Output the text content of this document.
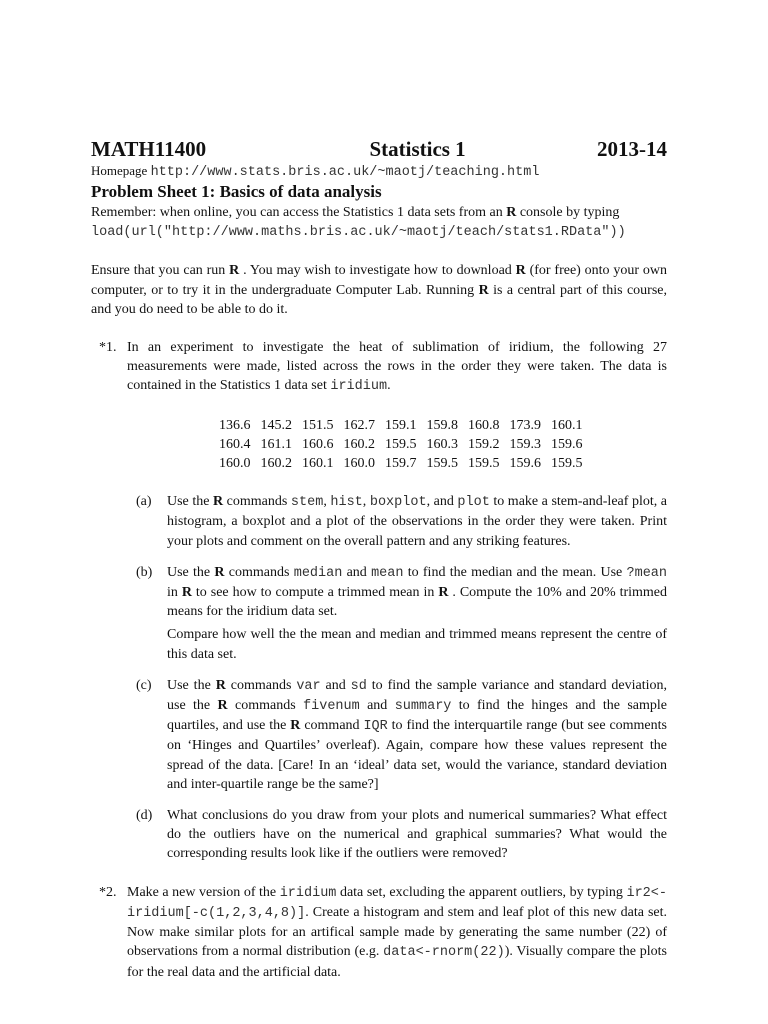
MATH11400	Statistics 1	2013-14
Homepage http://www.stats.bris.ac.uk/~maotj/teaching.html
Problem Sheet 1: Basics of data analysis

Remember: when online, you can access the Statistics 1 data sets from an R console by typing
load(url("http://www.maths.bris.ac.uk/~maotj/teach/stats1.RData"))

Ensure that you can run R . You may wish to investigate how to download R (for free) onto your own computer, or to try it in the undergraduate Computer Lab. Running R is a central part of this course, and you do need to be able to do it.

*1. In an experiment to investigate the heat of sublimation of iridium, the following 27 measurements were made, listed across the rows in the order they were taken. The data is contained in the Statistics 1 data set iridium.

136.6	145.2	151.5	162.7	159.1	159.8	160.8	173.9	160.1
160.4	161.1	160.6	160.2	159.5	160.3	159.2	159.3	159.6
160.0	160.2	160.1	160.0	159.7	159.5	159.5	159.6	159.5
(a) Use the R commands stem, hist, boxplot, and plot to make a stem-and-leaf plot, a histogram, a boxplot and a plot of the observations in the order they were taken. Print your plots and comment on the overall pattern and any striking features.

(b) Use the R commands median and mean to find the median and the mean. Use ?mean in R to see how to compute a trimmed mean in R . Compute the 10% and 20% trimmed means for the iridium data set.

Compare how well the the mean and median and trimmed means represent the centre of this data set.

(c) Use the R commands var and sd to find the sample variance and standard deviation, use the R commands fivenum and summary to find the hinges and the sample quartiles, and use the R command IQR to find the interquartile range (but see comments on ‘Hinges and Quartiles’ overleaf). Again, compare how these values represent the spread of the data. [Care! In an ‘ideal’ data set, would the variance, standard deviation and inter-quartile range be the same?]

(d) What conclusions do you draw from your plots and numerical summaries? What effect do the outliers have on the numerical and graphical summaries? What would the corresponding results look like if the outliers were removed?

*2. Make a new version of the iridium data set, excluding the apparent outliers, by typing ir2<-iridium[-c(1,2,3,4,8)]. Create a histogram and stem and leaf plot of this new data set. Now make similar plots for an artifical sample made by generating the same number (22) of observations from a normal distribution (e.g. data<-rnorm(22)). Visually compare the plots for the real data and the artificial data.
